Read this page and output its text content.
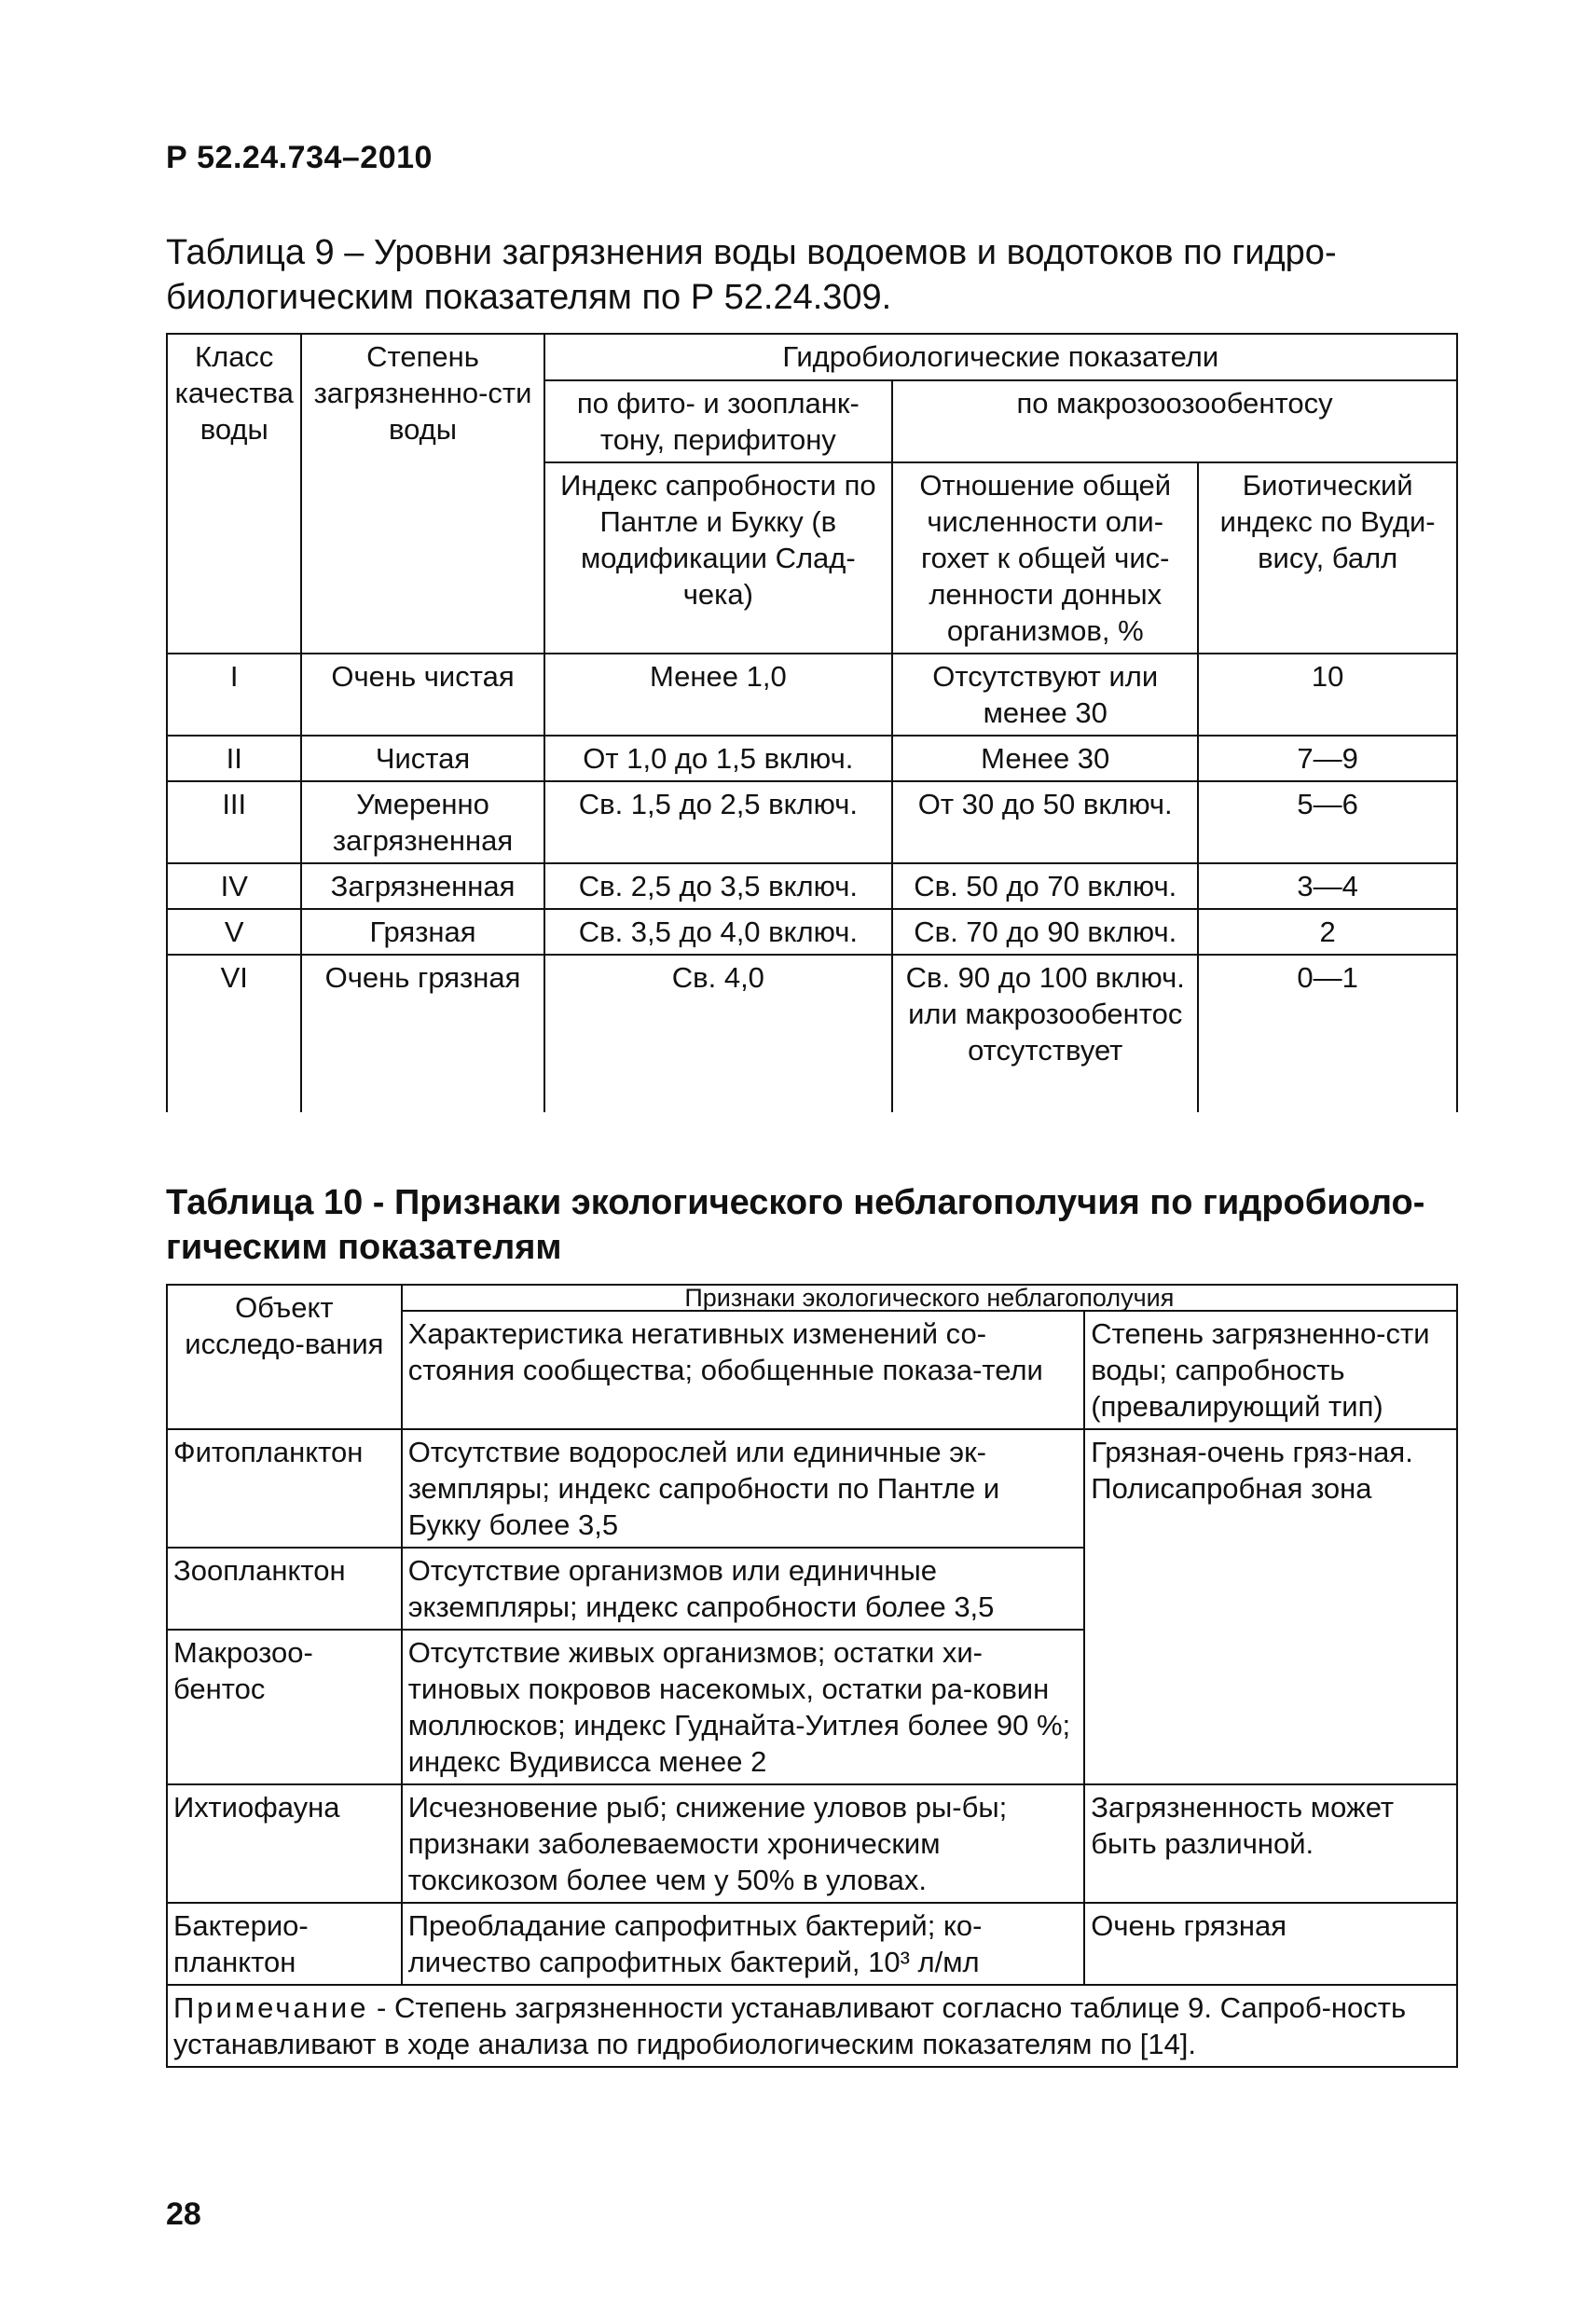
Р 52.24.734–2010
Таблица 9 – Уровни загрязнения воды водоемов и водотоков по гидро-биологическим показателям по Р 52.24.309.
Класс качества воды	Степень загрязненно-сти воды	Гидробиологические показатели		
		по фито- и зоопланк-тону, перифитону	по макрозоозообентосу	
		Индекс сапробности по Пантле и Букку (в модификации Слад-чека)	Отношение общей численности оли-гохет к общей чис-ленности донных организмов, %	Биотический индекс по Вуди-висy, балл
I	Очень чистая	Менее 1,0	Отсутствуют или менее 30	10
II	Чистая	От 1,0 до 1,5 включ.	Менее 30	7—9
III	Умеренно загрязненная	Св. 1,5 до 2,5 включ.	От 30 до 50 включ.	5—6
IV	Загрязненная	Св. 2,5 до 3,5 включ.	Св. 50 до 70 включ.	3—4
V	Грязная	Св. 3,5 до 4,0 включ.	Св. 70 до 90 включ.	2
VI	Очень грязная	Св. 4,0	Св. 90 до 100 включ. или макрозообентос отсутствует	0—1
Таблица 10 - Признаки экологического неблагополучия по гидробиоло-гическим показателям
Объект исследо-вания	Признаки экологического неблагополучия	
	Характеристика негативных изменений со-стояния сообщества; обобщенные показа-тели	Степень загрязненно-сти воды; сапробность (превалирующий тип)
Фитопланктон	Отсутствие водорослей или единичные эк-земпляры; индекс сапробности по Пантле и Букку более 3,5	Грязная-очень гряз-ная. Полисапробная зона
Зоопланктон	Отсутствие организмов или единичные экземпляры; индекс сапробности более 3,5	
Макрозоо-бентос	Отсутствие живых организмов; остатки хи-тиновых покровов насекомых, остатки ра-ковин моллюсков; индекс Гуднайта-Уитлея более 90 %; индекс Вудивисса менее 2	
Ихтиофауна	Исчезновение рыб; снижение уловов ры-бы; признаки заболеваемости хроническим токсикозом более чем у 50% в уловах.	Загрязненность может быть различной.
Бактерио-планктон	Преобладание сапрофитных бактерий; ко-личество сапрофитных бактерий, 10³ л/мл	Очень грязная
Примечание - Степень загрязненности устанавливают согласно таблице 9. Сапроб-ность устанавливают в ходе анализа по гидробиологическим показателям по [14].		
28
